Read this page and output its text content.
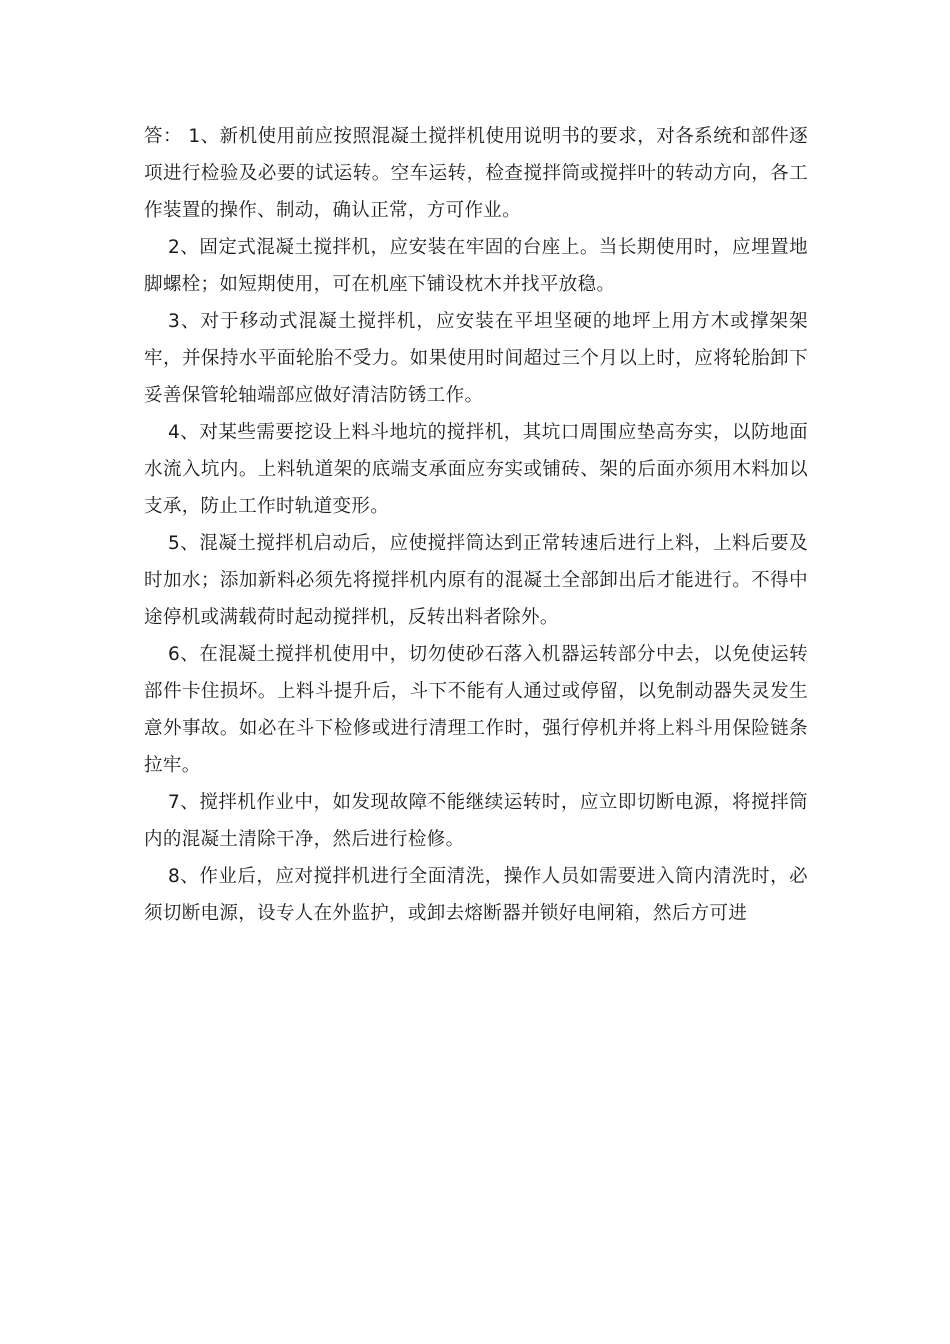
答： 1、新机使用前应按照混凝土搅拌机使用说明书的要求，对各系统和部件逐项进行检验及必要的试运转。空车运转，检查搅拌筒或搅拌叶的转动方向，各工作装置的操作、制动，确认正常，方可作业。

2、固定式混凝土搅拌机，应安装在牢固的台座上。当长期使用时，应埋置地脚螺栓；如短期使用，可在机座下铺设枕木并找平放稳。

3、对于移动式混凝土搅拌机，应安装在平坦坚硬的地坪上用方木或撑架架牢，并保持水平面轮胎不受力。如果使用时间超过三个月以上时，应将轮胎卸下妥善保管轮轴端部应做好清洁防锈工作。

4、对某些需要挖设上料斗地坑的搅拌机，其坑口周围应垫高夯实，以防地面水流入坑内。上料轨道架的底端支承面应夯实或铺砖、架的后面亦须用木料加以支承，防止工作时轨道变形。

5、混凝土搅拌机启动后，应使搅拌筒达到正常转速后进行上料，上料后要及时加水；添加新料必须先将搅拌机内原有的混凝土全部卸出后才能进行。不得中途停机或满载荷时起动搅拌机，反转出料者除外。

6、在混凝土搅拌机使用中，切勿使砂石落入机器运转部分中去，以免使运转部件卡住损坏。上料斗提升后，斗下不能有人通过或停留，以免制动器失灵发生意外事故。如必在斗下检修或进行清理工作时，强行停机并将上料斗用保险链条拉牢。

7、搅拌机作业中，如发现故障不能继续运转时，应立即切断电源，将搅拌筒内的混凝土清除干净，然后进行检修。

8、作业后，应对搅拌机进行全面清洗，操作人员如需要进入筒内清洗时，必须切断电源，设专人在外监护，或卸去熔断器并锁好电闸箱，然后方可进
